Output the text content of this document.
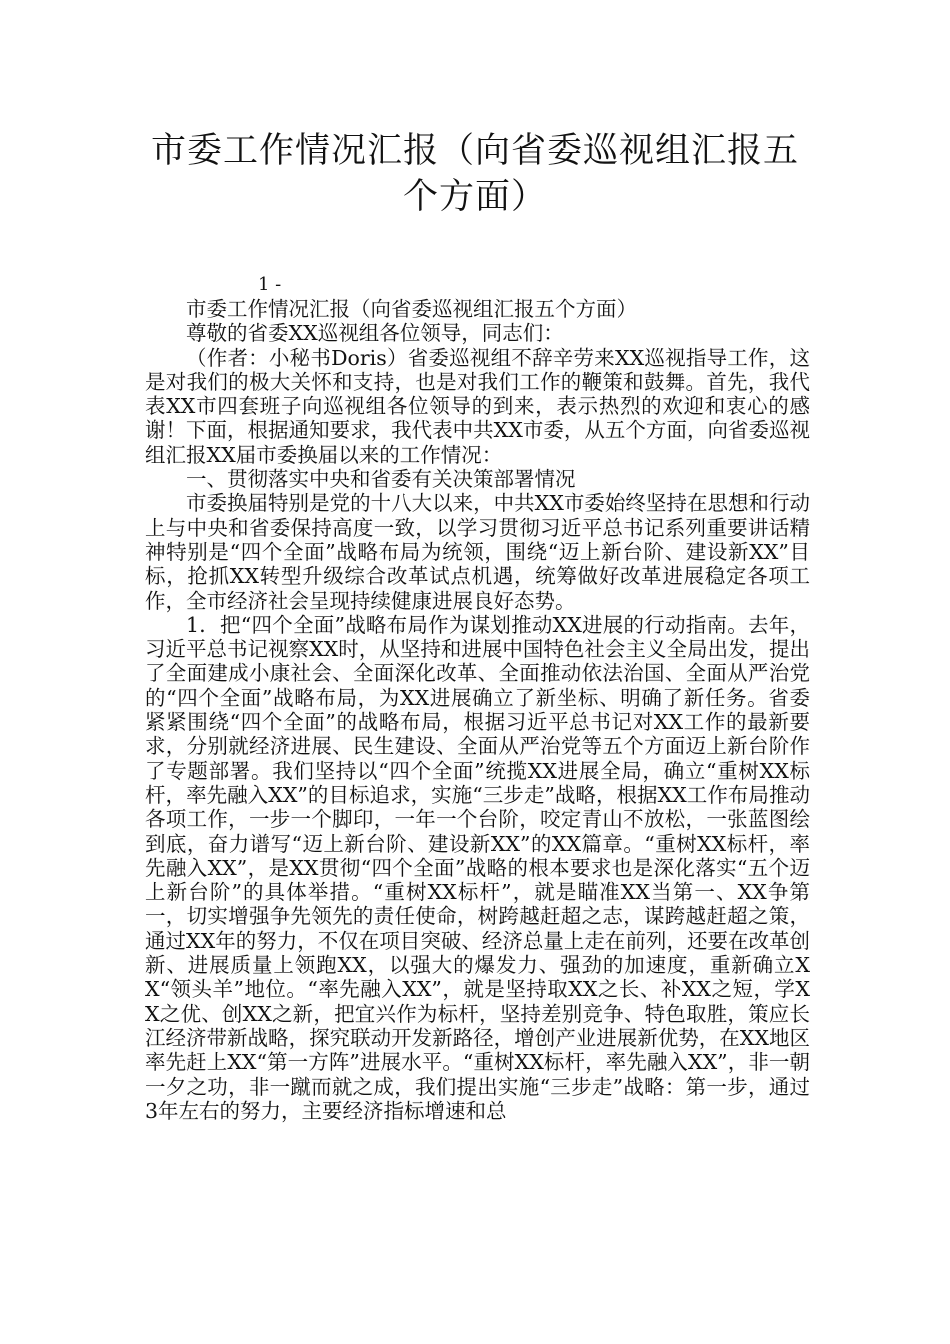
市委工作情况汇报（向省委巡视组汇报五个方面）

1 -

市委工作情况汇报（向省委巡视组汇报五个方面）

尊敬的省委XX巡视组各位领导，同志们：

（作者：小秘书Doris）省委巡视组不辞辛劳来XX巡视指导工作，这是对我们的极大关怀和支持，也是对我们工作的鞭策和鼓舞。首先，我代表XX市四套班子向巡视组各位领导的到来，表示热烈的欢迎和衷心的感谢！下面，根据通知要求，我代表中共XX市委，从五个方面，向省委巡视组汇报XX届市委换届以来的工作情况：

一、贯彻落实中央和省委有关决策部署情况

市委换届特别是党的十八大以来，中共XX市委始终坚持在思想和行动上与中央和省委保持高度一致，以学习贯彻习近平总书记系列重要讲话精神特别是“四个全面”战略布局为统领，围绕“迈上新台阶、建设新XX”目标，抢抓XX转型升级综合改革试点机遇，统筹做好改革进展稳定各项工作，全市经济社会呈现持续健康进展良好态势。

1．把“四个全面”战略布局作为谋划推动XX进展的行动指南。去年，习近平总书记视察XX时，从坚持和进展中国特色社会主义全局出发，提出了全面建成小康社会、全面深化改革、全面推动依法治国、全面从严治党的“四个全面”战略布局，为XX进展确立了新坐标、明确了新任务。省委紧紧围绕“四个全面”的战略布局，根据习近平总书记对XX工作的最新要求，分别就经济进展、民生建设、全面从严治党等五个方面迈上新台阶作了专题部署。我们坚持以“四个全面”统揽XX进展全局，确立“重树XX标杆，率先融入XX”的目标追求，实施“三步走”战略，根据XX工作布局推动各项工作，一步一个脚印，一年一个台阶，咬定青山不放松，一张蓝图绘到底，奋力谱写“迈上新台阶、建设新XX”的XX篇章。“重树XX标杆，率先融入XX”，是XX贯彻“四个全面”战略的根本要求也是深化落实“五个迈上新台阶”的具体举措。“重树XX标杆”，就是瞄准XX当第一、XX争第一，切实增强争先领先的责任使命，树跨越赶超之志，谋跨越赶超之策，通过XX年的努力，不仅在项目突破、经济总量上走在前列，还要在改革创新、进展质量上领跑XX，以强大的爆发力、强劲的加速度，重新确立XX“领头羊”地位。“率先融入XX”，就是坚持取XX之长、补XX之短，学XX之优、创XX之新，把宜兴作为标杆，坚持差别竞争、特色取胜，策应长江经济带新战略，探究联动开发新路径，增创产业进展新优势，在XX地区率先赶上XX“第一方阵”进展水平。“重树XX标杆，率先融入XX”，非一朝一夕之功，非一蹴而就之成，我们提出实施“三步走”战略：第一步，通过3年左右的努力，主要经济指标增速和总
